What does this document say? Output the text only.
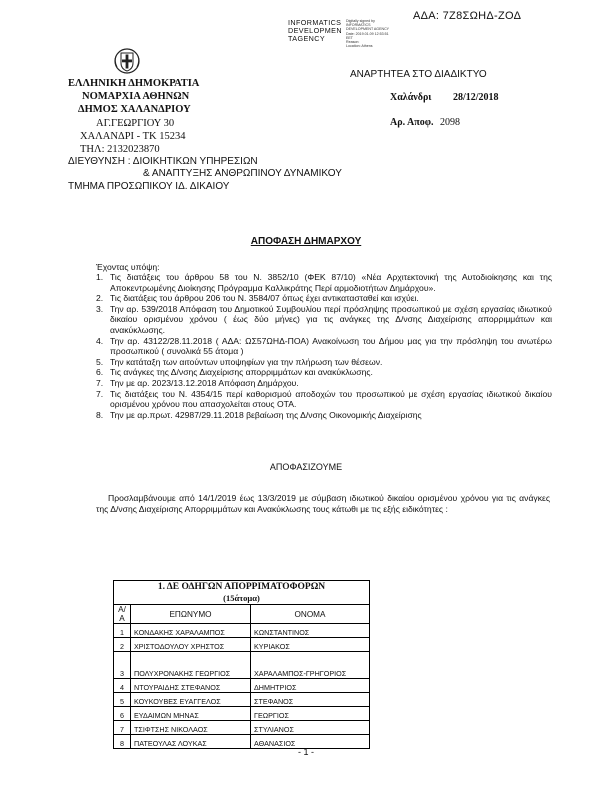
ΑΔΑ: 7Ζ8ΣΩΗΔ-ΖΟΔ
INFORMATICS
DEVELOPMEN
TAGENCY
Digitally signed by
INFORMATICS
DEVELOPMENT AGENCY
Date: 2019.01.09 12:53:51
EET
Reason:
Location: Athens
ΕΛΛΗΝΙΚΗ ΔΗΜΟΚΡΑΤΙΑ
ΝΟΜΑΡΧΙΑ ΑΘΗΝΩΝ
ΔΗΜΟΣ ΧΑΛΑΝΔΡΙΟΥ
ΑΓ.ΓΕΩΡΓΙΟΥ 30
ΧΑΛΑΝΔΡΙ - ΤΚ 15234
ΤΗΛ: 2132023870
ΑΝΑΡΤΗΤΕΑ ΣΤΟ ΔΙΑΔΙΚΤΥΟ
Χαλάνδρι 28/12/2018
Αρ. Αποφ. 2098
ΔΙΕΥΘΥΝΣΗ : ΔΙΟΙΚΗΤΙΚΩΝ ΥΠΗΡΕΣΙΩΝ
& ΑΝΑΠΤΥΞΗΣ ΑΝΘΡΩΠΙΝΟΥ ΔΥΝΑΜΙΚΟΥ
ΤΜΗΜΑ ΠΡΟΣΩΠΙΚΟΥ ΙΔ. ΔΙΚΑΙΟΥ
ΑΠΟΦΑΣΗ ΔΗΜΑΡΧΟΥ
Έχοντας υπόψη:
1. Τις διατάξεις του άρθρου 58 του Ν. 3852/10 (ΦΕΚ 87/10) «Νέα Αρχιτεκτονική της Αυτοδιοίκησης και της Αποκεντρωμένης Διοίκησης Πρόγραμμα Καλλικράτης Περί αρμοδιοτήτων Δημάρχου».
2. Τις διατάξεις του άρθρου 206 του Ν. 3584/07 όπως έχει αντικατασταθεί και ισχύει.
3. Την αρ. 539/2018 Απόφαση του Δημοτικού Συμβουλίου περί πρόσληψης προσωπικού με σχέση εργασίας ιδιωτικού δικαίου ορισμένου χρόνου ( έως δύο μήνες) για τις ανάγκες της Δ/νσης Διαχείρισης απορριμμάτων και ανακύκλωσης.
4. Την αρ. 43122/28.11.2018 ( ΑΔΑ: ΩΣ57ΩΗΔ-ΠΟΑ) Ανακοίνωση του Δήμου μας για την πρόσληψη του ανωτέρω προσωπικού ( συνολικά 55 άτομα )
5. Την κατάταξη των αιτούντων υποψηφίων για την πλήρωση των θέσεων.
6. Τις ανάγκες της Δ/νσης Διαχείρισης απορριμμάτων και ανακύκλωσης.
7. Την με αρ. 2023/13.12.2018 Απόφαση Δημάρχου.
7. Τις διατάξεις του Ν. 4354/15 περί καθορισμού αποδοχών του προσωπικού με σχέση εργασίας ιδιωτικού δικαίου ορισμένου χρόνου που απασχολείται στους ΟΤΑ.
8. Την με αρ.πρωτ. 42987/29.11.2018 βεβαίωση της Δ/νσης Οικονομικής Διαχείρισης
ΑΠΟΦΑΣΙΖΟΥΜΕ
Προσλαμβάνουμε από 14/1/2019 έως 13/3/2019 με σύμβαση ιδιωτικού δικαίου ορισμένου χρόνου για τις ανάγκες της Δ/νσης Διαχείρισης Απορριμμάτων και Ανακύκλωσης τους κάτωθι με τις εξής ειδικότητες :
1. ΔΕ ΟΔΗΓΩΝ ΑΠΟΡΡΙΜΑΤΟΦΟΡΩΝ		
(15άτομα)		
Α/Α	ΕΠΩΝΥΜΟ	ΟΝΟΜΑ
1	ΚΟΝΔΑΚΗΣ ΧΑΡΑΛΑΜΠΟΣ	ΚΩΝΣΤΑΝΤΙΝΟΣ
2	ΧΡΙΣΤΟΔΟΥΛΟΥ ΧΡΗΣΤΟΣ	ΚΥΡΙΑΚΟΣ
3	ΠΟΛΥΧΡΟΝΑΚΗΣ ΓΕΩΡΓΙΟΣ	ΧΑΡΑΛΑΜΠΟΣ-ΓΡΗΓΟΡΙΟΣ
4	ΝΤΟΥΡΑΙΔΗΣ ΣΤΕΦΑΝΟΣ	ΔΗΜΗΤΡΙΟΣ
5	ΚΟΥΚΟΥΒΕΣ ΕΥΑΓΓΕΛΟΣ	ΣΤΕΦΑΝΟΣ
6	ΕΥΔΑΙΜΩΝ ΜΗΝΑΣ	ΓΕΩΡΓΙΟΣ
7	ΤΣΙΦΤΣΗΣ ΝΙΚΟΛΑΟΣ	ΣΤΥΛΙΑΝΟΣ
8	ΠΑΤΕΟΥΛΑΣ ΛΟΥΚΑΣ	ΑΘΑΝΑΣΙΟΣ
- 1 -
